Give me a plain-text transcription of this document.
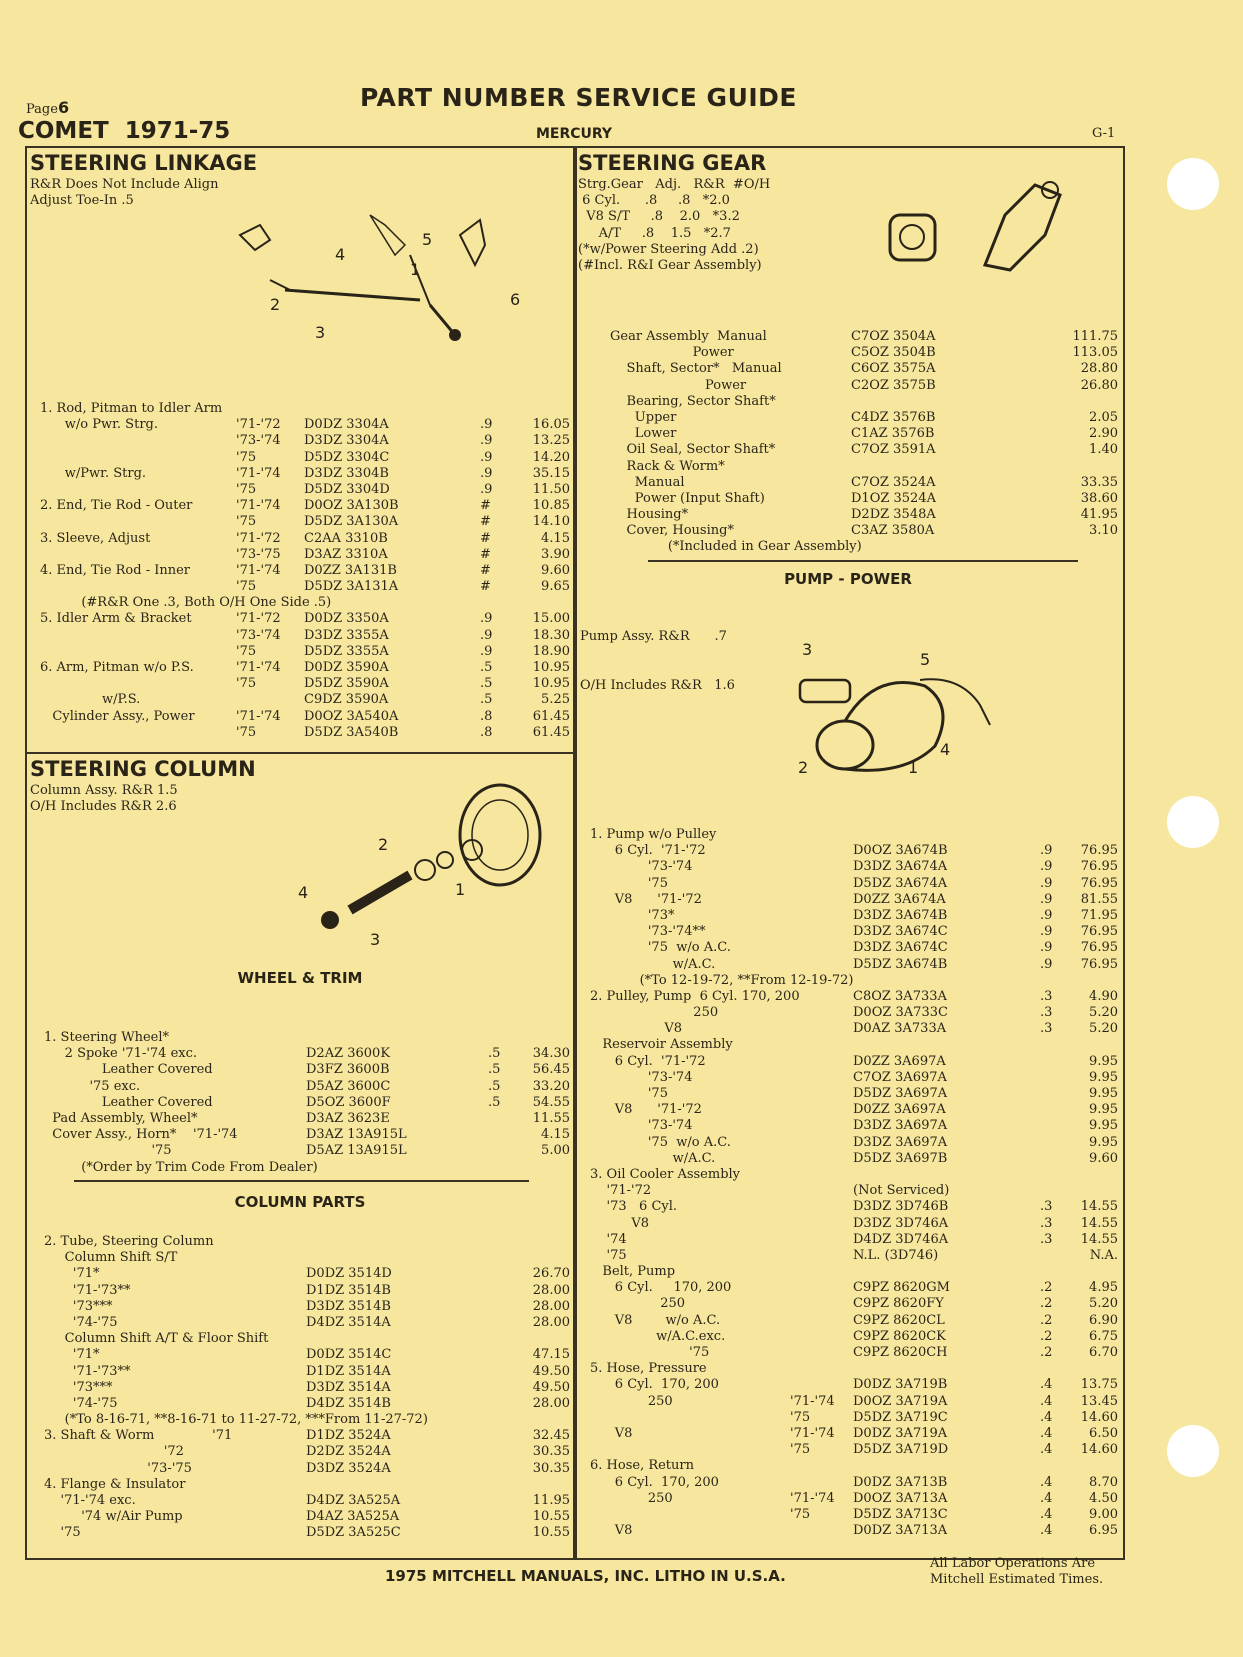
Page6	PART NUMBER SERVICE GUIDE
COMET  1971-75	MERCURY	G-1
STEERING LINKAGE
R&R Does Not Include Align
Adjust Toe-In .5
1
2
3
4
5
6
1. Rod, Pitman to Idler Arm
w/o Pwr. Strg.	'71-'72 D0DZ 3304A	.9	16.05
'73-'74 D3DZ 3304A	.9	13.25
'75	D5DZ 3304C	.9	14.20
w/Pwr. Strg.	'71-'74 D3DZ 3304B	.9	35.15
'75	D5DZ 3304D	.9	11.50
2. End, Tie Rod - Outer	'71-'74 D0OZ 3A130B	#	10.85
'75	D5DZ 3A130A	#	14.10
3. Sleeve, Adjust	'71-'72 C2AA 3310B	#	4.15
'73-'75 D3AZ 3310A	#	3.90
4. End, Tie Rod - Inner	'71-'74 D0ZZ 3A131B	#	9.60
'75	D5DZ 3A131A	#	9.65
(#R&R One .3, Both O/H One Side .5)
5. Idler Arm & Bracket	'71-'72 D0DZ 3350A	.9	15.00
'73-'74 D3DZ 3355A	.9	18.30
'75	D5DZ 3355A	.9	18.90
6. Arm, Pitman w/o P.S.	'71-'74 D0DZ 3590A	.5	10.95
'75	D5DZ 3590A	.5	10.95
w/P.S.	C9DZ 3590A	.5	5.25
Cylinder Assy., Power	'71-'74 D0OZ 3A540A	.8	61.45
'75	D5DZ 3A540B	.8	61.45
STEERING COLUMN
Column Assy. R&R 1.5
O/H Includes R&R 2.6
1
2
3
4
WHEEL & TRIM
1. Steering Wheel*
2 Spoke '71-'74 exc.	D2AZ 3600K	.5 34.30
Leather Covered	D3FZ 3600B	.5 56.45
'75 exc.	D5AZ 3600C	.5 33.20
Leather Covered	D5OZ 3600F	.5 54.55
Pad Assembly, Wheel*	D3AZ 3623E	11.55
Cover Assy., Horn*    '71-'74	D3AZ 13A915L	4.15
'75	D5AZ 13A915L	5.00
(*Order by Trim Code From Dealer)
COLUMN PARTS
2. Tube, Steering Column
Column Shift S/T
'71*	D0DZ 3514D	26.70
'71-'73**	D1DZ 3514B	28.00
'73***	D3DZ 3514B	28.00
'74-'75	D4DZ 3514A	28.00
Column Shift A/T & Floor Shift
'71*	D0DZ 3514C	47.15
'71-'73**	D1DZ 3514A	49.50
'73***	D3DZ 3514A	49.50
'74-'75	D4DZ 3514B	28.00
(*To 8-16-71, **8-16-71 to 11-27-72, ***From 11-27-72)
3. Shaft & Worm              '71	D1DZ 3524A	32.45
'72	D2DZ 3524A	30.35
'73-'75	D3DZ 3524A	30.35
4. Flange & Insulator
'71-'74 exc.	D4DZ 3A525A	11.95
'74 w/Air Pump	D4AZ 3A525A	10.55
'75	D5DZ 3A525C	10.55
STEERING GEAR
Strg.Gear   Adj.   R&R  #O/H
6 Cyl.      .8     .8   *2.0
V8 S/T     .8    2.0   *3.2
A/T     .8    1.5   *2.7
(*w/Power Steering Add .2)
(#Incl. R&I Gear Assembly)
Gear Assembly  Manual	C7OZ 3504A	111.75
Power	C5OZ 3504B	113.05
Shaft, Sector*   Manual	C6OZ 3575A	28.80
Power	C2OZ 3575B	26.80
Bearing, Sector Shaft*
Upper	C4DZ 3576B	2.05
Lower	C1AZ 3576B	2.90
Oil Seal, Sector Shaft*	C7OZ 3591A	1.40
Rack & Worm*
Manual	C7OZ 3524A	33.35
Power (Input Shaft)	D1OZ 3524A	38.60
Housing*	D2DZ 3548A	41.95
Cover, Housing*	C3AZ 3580A	3.10
(*Included in Gear Assembly)
PUMP - POWER

Pump Assy. R&R      .7

O/H Includes R&R   1.6

3
5
4
1
2
1. Pump w/o Pulley
6 Cyl.  '71-'72	D0OZ 3A674B	.9 76.95
'73-'74	D3DZ 3A674A	.9 76.95
'75	D5DZ 3A674A	.9 76.95
V8      '71-'72	D0ZZ 3A674A	.9 81.55
'73*	D3DZ 3A674B	.9 71.95
'73-'74**	D3DZ 3A674C	.9 76.95
'75  w/o A.C.	D3DZ 3A674C	.9 76.95
w/A.C.	D5DZ 3A674B	.9 76.95
(*To 12-19-72, **From 12-19-72)
2. Pulley, Pump  6 Cyl. 170, 200	C8OZ 3A733A	.3	4.90
250	D0OZ 3A733C	.3	5.20
V8	D0AZ 3A733A	.3	5.20
Reservoir Assembly
6 Cyl.  '71-'72	D0ZZ 3A697A	9.95
'73-'74	C7OZ 3A697A	9.95
'75	D5DZ 3A697A	9.95
V8      '71-'72	D0ZZ 3A697A	9.95
'73-'74	D3DZ 3A697A	9.95
'75  w/o A.C.	D3DZ 3A697A	9.95
w/A.C.	D5DZ 3A697B	9.60
3. Oil Cooler Assembly
'71-'72	(Not Serviced)
'73   6 Cyl.	D3DZ 3D746B	.3 14.55
V8	D3DZ 3D746A	.3 14.55
'74	D4DZ 3D746A	.3 14.55
'75	N.L. (3D746)	N.A.
Belt, Pump
6 Cyl.     170, 200	C9PZ 8620GM	.2	4.95
250	C9PZ 8620FY	.2	5.20
V8        w/o A.C.	C9PZ 8620CL	.2	6.90
w/A.C.exc.	C9PZ 8620CK	.2	6.75
'75	C9PZ 8620CH	.2	6.70
5. Hose, Pressure
6 Cyl.  170, 200	D0DZ 3A719B	.4 13.75
250	'71-'74 D0OZ 3A719A	.4 13.45
'75	D5DZ 3A719C	.4 14.60
V8	'71-'74 D0DZ 3A719A	.4	6.50
'75	D5DZ 3A719D	.4 14.60
6. Hose, Return
6 Cyl.  170, 200	D0DZ 3A713B	.4	8.70
250	'71-'74 D0OZ 3A713A	.4	4.50
'75	D5DZ 3A713C	.4	9.00
V8	D0DZ 3A713A	.4	6.95
1975 MITCHELL MANUALS, INC. LITHO IN U.S.A.
All Labor Operations Are
Mitchell Estimated Times.
